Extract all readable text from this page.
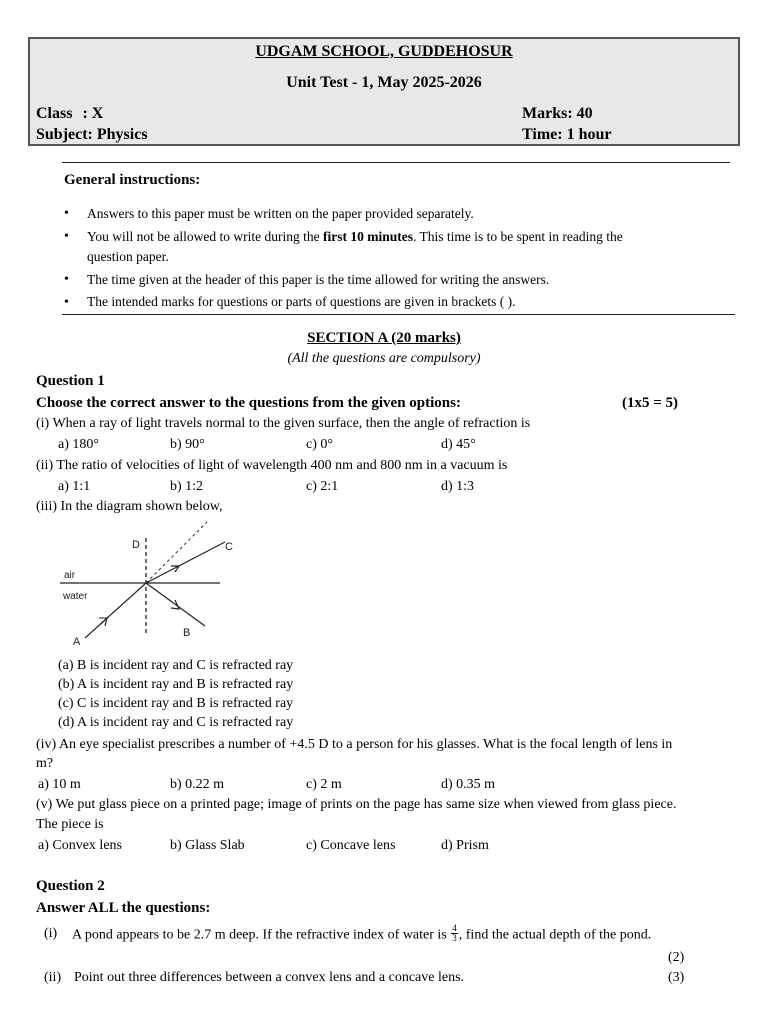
UDGAM SCHOOL, GUDDEHOSUR
Unit Test - 1, May 2025-2026
Class : X	Marks: 40
Subject: Physics	Time: 1 hour
General instructions:
• Answers to this paper must be written on the paper provided separately.
• You will not be allowed to write during the first 10 minutes. This time is to be spent in reading the
question paper.
• The time given at the header of this paper is the time allowed for writing the answers.
• The intended marks for questions or parts of questions are given in brackets ( ).
SECTION A (20 marks)
(All the questions are compulsory)
Question 1
Choose the correct answer to the questions from the given options:	(1x5 = 5)
(i) When a ray of light travels normal to the given surface, then the angle of refraction is
a) 180°	b) 90°	c) 0°	d) 45°
(ii) The ratio of velocities of light of wavelength 400 nm and 800 nm in a vacuum is
a) 1:1	b) 1:2	c) 2:1	d) 1:3
(iii) In the diagram shown below,
D	C
air
water
A
B
(a) B is incident ray and C is refracted ray
(b) A is incident ray and B is refracted ray
(c) C is incident ray and B is refracted ray
(d) A is incident ray and C is refracted ray
(iv) An eye specialist prescribes a number of +4.5 D to a person for his glasses. What is the focal length of lens in
m?
a) 10 m	b) 0.22 m	c) 2 m	d) 0.35 m
(v) We put glass piece on a printed page; image of prints on the page has same size when viewed from glass piece.
The piece is
a) Convex lens	b) Glass Slab	c) Concave lens	d) Prism
Question 2
Answer ALL the questions:
(i) A pond appears to be 2.7 m deep. If the refractive index of water is $\frac{4}{3}$ , find the actual depth of the pond.
(2)
(ii) Point out three differences between a convex lens and a concave lens.	(3)
